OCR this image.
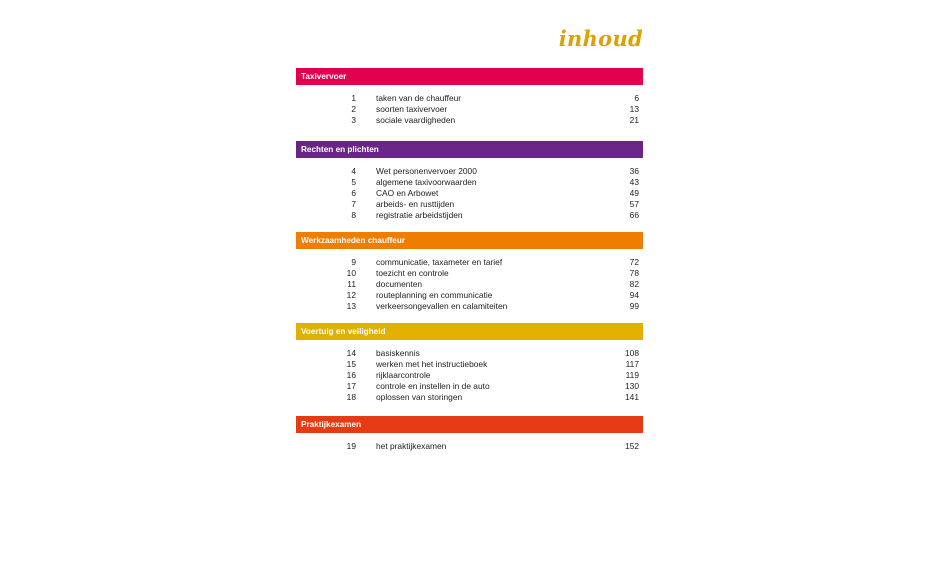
inhoud
Taxivervoer
1 taken van de chauffeur	6
2 soorten taxivervoer	13
3 sociale vaardigheden	21
Rechten en plichten
4 Wet personenvervoer 2000	36
5 algemene taxivoorwaarden	43
6 CAO en Arbowet	49
7 arbeids- en rusttijden	57
8 registratie arbeidstijden	66
Werkzaamheden chauffeur
9 communicatie, taxameter en tarief	72
10 toezicht en controle	78
11 documenten	82
12 routeplanning en communicatie	94
13 verkeersongevallen en calamiteiten	99
Voertuig en veiligheid
14 basiskennis	108
15 werken met het instructieboek	117
16 rijklaarcontrole	119
17 controle en instellen in de auto	130
18 oplossen van storingen	141
Praktijkexamen
19 het praktijkexamen	152
